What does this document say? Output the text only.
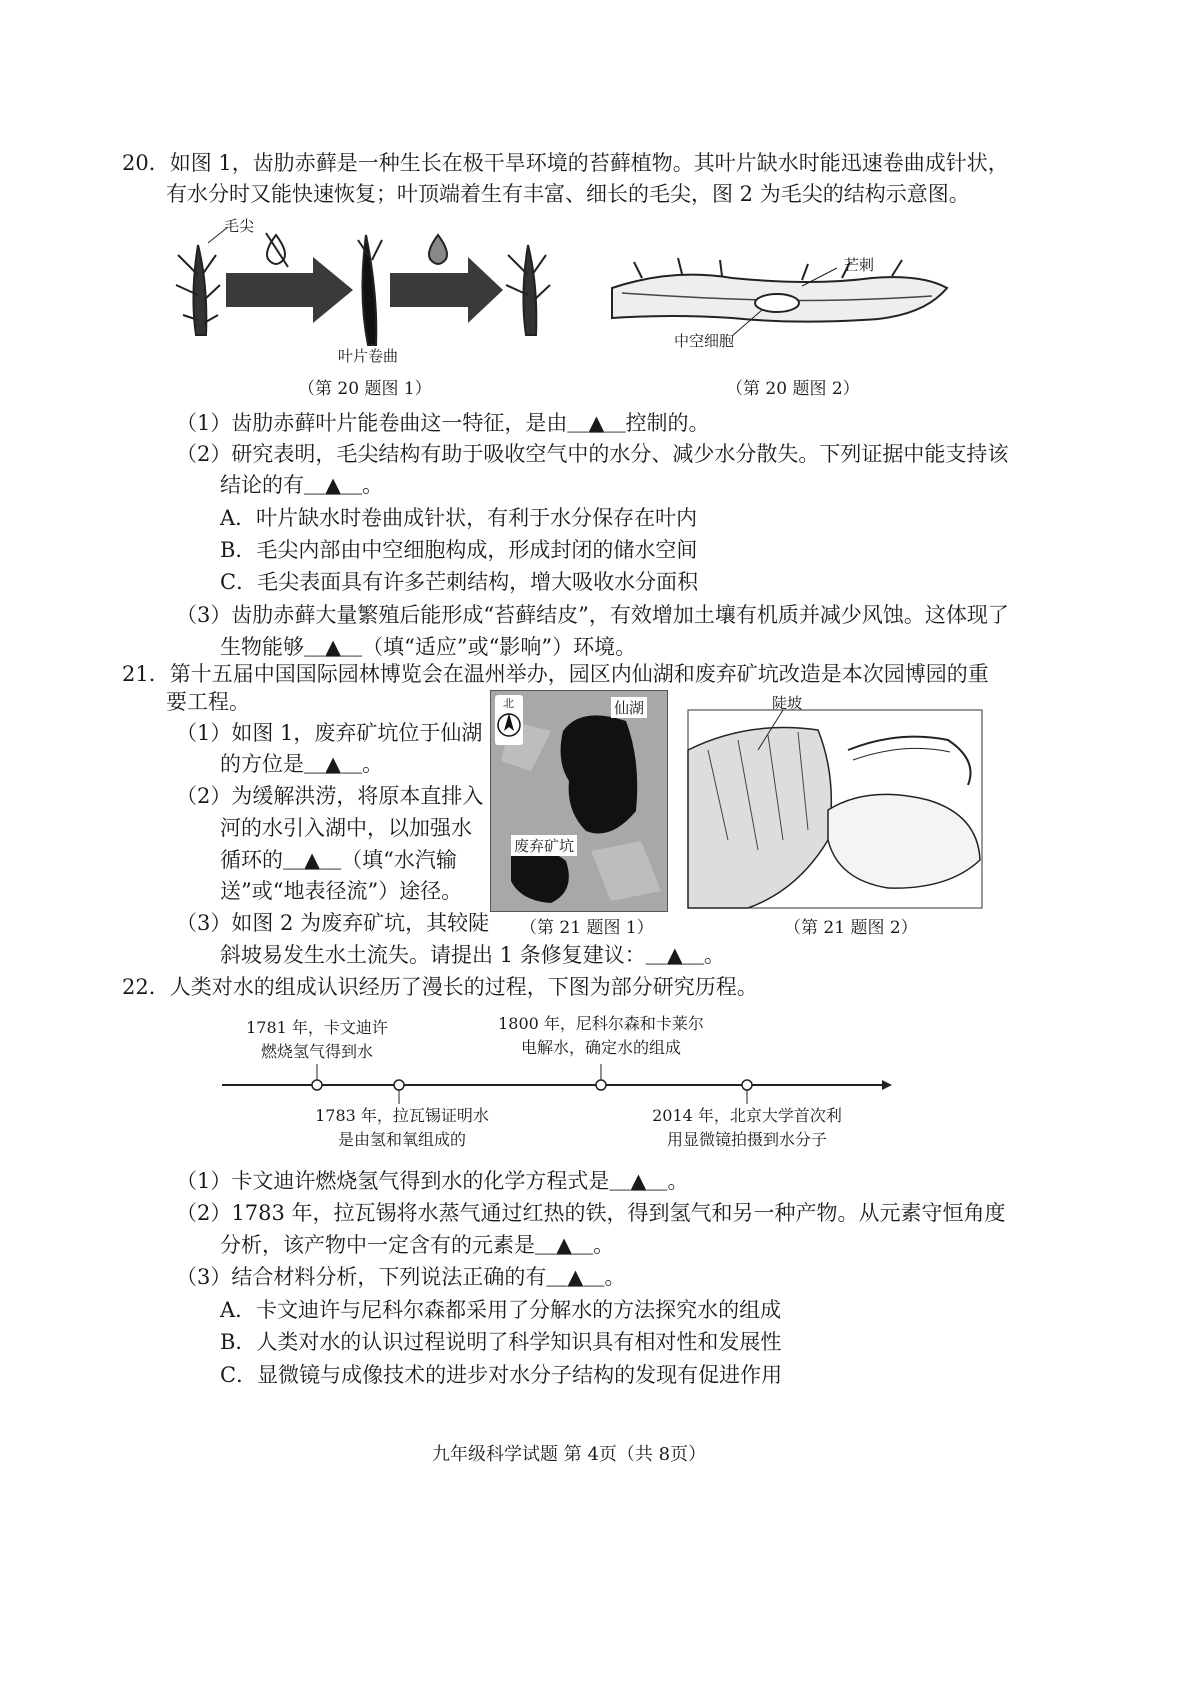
20．如图 1，齿肋赤藓是一种生长在极干旱环境的苔藓植物。其叶片缺水时能迅速卷曲成针状，
有水分时又能快速恢复；叶顶端着生有丰富、细长的毛尖，图 2 为毛尖的结构示意图。
毛尖
叶片卷曲
（第 20 题图 1）
芒刺
中空细胞
（第 20 题图 2）
（1）齿肋赤藓叶片能卷曲这一特征，是由＿▲＿控制的。
（2）研究表明，毛尖结构有助于吸收空气中的水分、减少水分散失。下列证据中能支持该
结论的有＿▲＿。
A．叶片缺水时卷曲成针状，有利于水分保存在叶内
B．毛尖内部由中空细胞构成，形成封闭的储水空间
C．毛尖表面具有许多芒刺结构，增大吸收水分面积
（3）齿肋赤藓大量繁殖后能形成“苔藓结皮”，有效增加土壤有机质并减少风蚀。这体现了
生物能够＿▲＿（填“适应”或“影响”）环境。
21．第十五届中国国际园林博览会在温州举办，园区内仙湖和废弃矿坑改造是本次园博园的重
要工程。
（1）如图 1，废弃矿坑位于仙湖
的方位是＿▲＿。
（2）为缓解洪涝，将原本直排入
河的水引入湖中，以加强水
循环的＿▲＿（填“水汽输
送”或“地表径流”）途径。
（3）如图 2 为废弃矿坑，其较陡
斜坡易发生水土流失。请提出 1 条修复建议：＿▲＿。
北	仙湖
废弃矿坑
（第 21 题图 1）
陡坡
（第 21 题图 2）
22．人类对水的组成认识经历了漫长的过程，下图为部分研究历程。
1781 年，卡文迪许
燃烧氢气得到水
1800 年，尼科尔森和卡莱尔
电解水，确定水的组成
1783 年，拉瓦锡证明水
是由氢和氧组成的
2014 年，北京大学首次利
用显微镜拍摄到水分子
（1）卡文迪许燃烧氢气得到水的化学方程式是＿▲＿。
（2）1783 年，拉瓦锡将水蒸气通过红热的铁，得到氢气和另一种产物。从元素守恒角度
分析，该产物中一定含有的元素是＿▲＿。
（3）结合材料分析，下列说法正确的有＿▲＿。
A．卡文迪许与尼科尔森都采用了分解水的方法探究水的组成
B．人类对水的认识过程说明了科学知识具有相对性和发展性
C．显微镜与成像技术的进步对水分子结构的发现有促进作用
九年级科学试题 第 4页（共 8页）
